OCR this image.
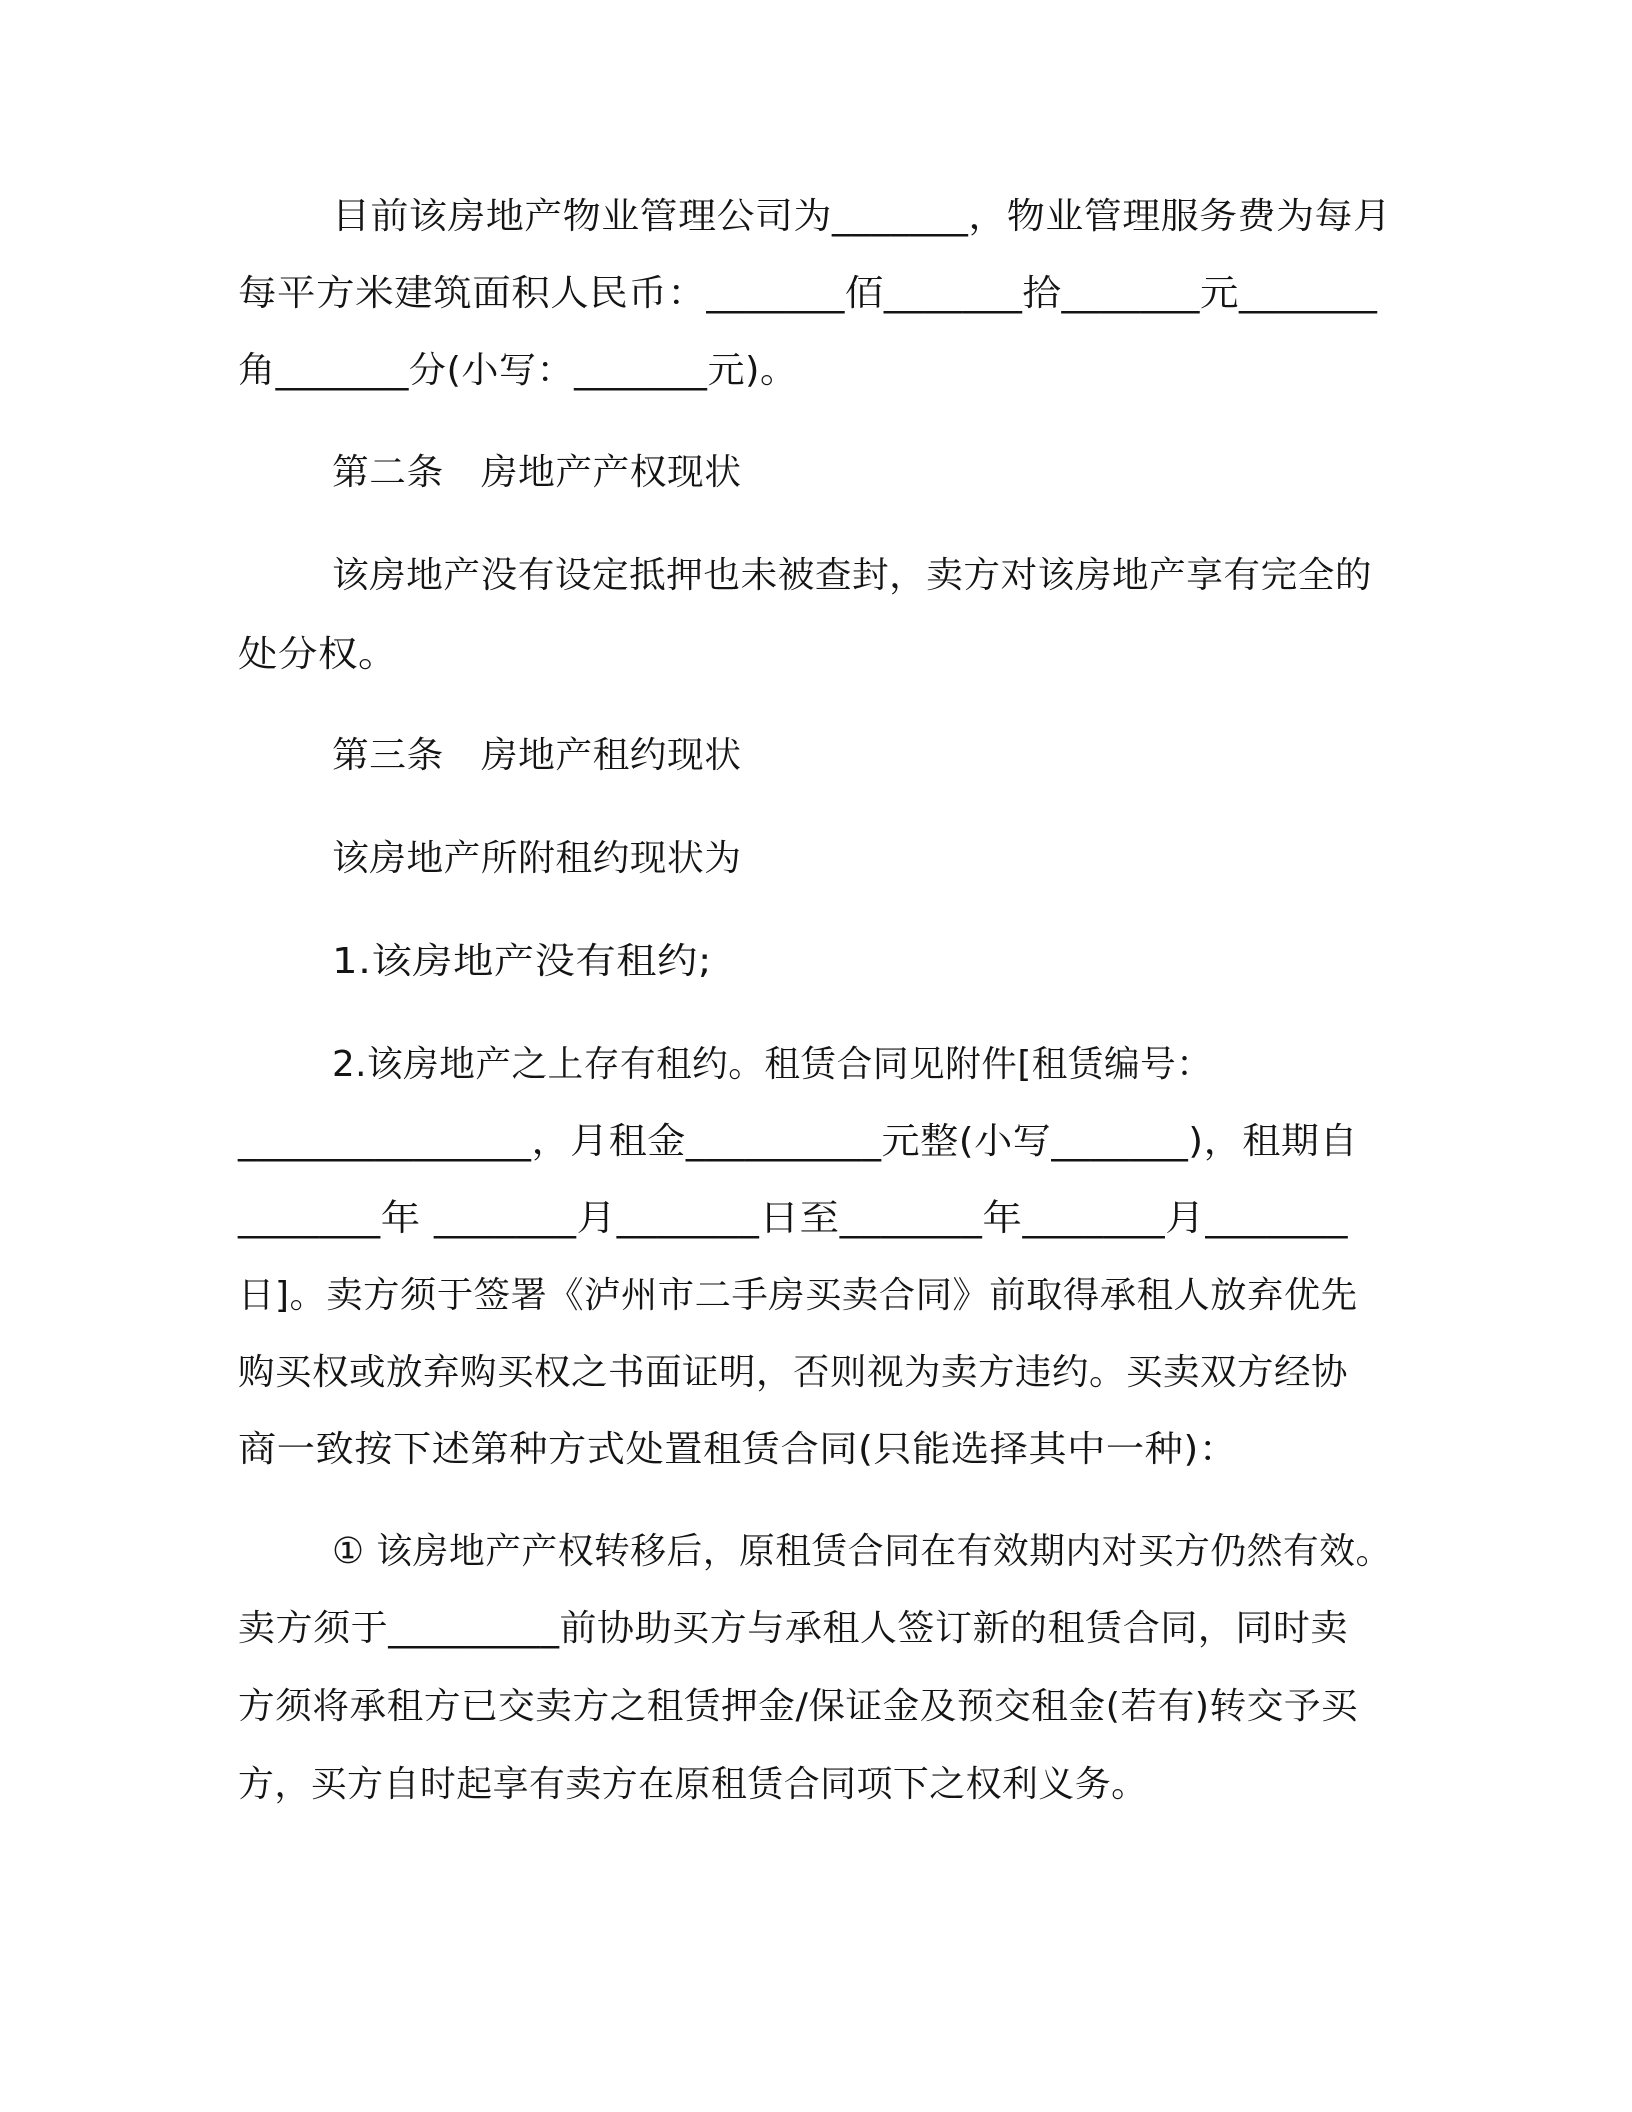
目前该房地产物业管理公司为_______，物业管理服务费为每月
每平方米建筑面积人民币：_______佰_______拾_______元_______
角_______分(小写：_______元)。
第二条　房地产产权现状
该房地产没有设定抵押也未被查封，卖方对该房地产享有完全的
处分权。
第三条　房地产租约现状
该房地产所附租约现状为
1.该房地产没有租约;
2.该房地产之上存有租约。租赁合同见附件[租赁编号：
_______________，月租金__________元整(小写_______)，租期自
_______年 _______月_______日至_______年_______月_______
日]。卖方须于签署《泸州市二手房买卖合同》前取得承租人放弃优先
购买权或放弃购买权之书面证明，否则视为卖方违约。买卖双方经协
商一致按下述第种方式处置租赁合同(只能选择其中一种)：
① 该房地产产权转移后，原租赁合同在有效期内对买方仍然有效。
卖方须于_________前协助买方与承租人签订新的租赁合同，同时卖
方须将承租方已交卖方之租赁押金/保证金及预交租金(若有)转交予买
方，买方自时起享有卖方在原租赁合同项下之权利义务。
